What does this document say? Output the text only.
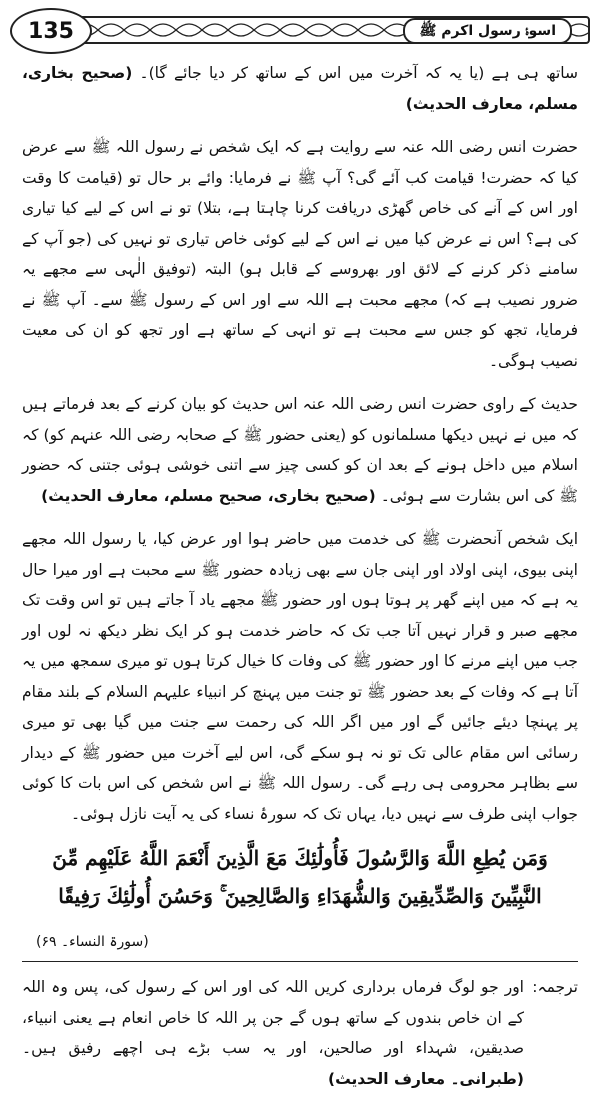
135	اسوۂ رسول اکرم ﷺ

ساتھ ہی ہے (یا یہ کہ آخرت میں اس کے ساتھ کر دیا جائے گا)۔ (صحیح بخاری، مسلم، معارف الحدیث)

حضرت انس رضی اللہ عنہ سے روایت ہے کہ ایک شخص نے رسول اللہ ﷺ سے عرض کیا کہ حضرت! قیامت کب آئے گی؟ آپ ﷺ نے فرمایا: وائے بر حال تو (قیامت کا وقت اور اس کے آنے کی خاص گھڑی دریافت کرنا چاہتا ہے، بتلا) تو نے اس کے لیے کیا تیاری کی ہے؟ اس نے عرض کیا میں نے اس کے لیے کوئی خاص تیاری تو نہیں کی (جو آپ کے سامنے ذکر کرنے کے لائق اور بھروسے کے قابل ہو) البتہ (توفیق الٰہی سے مجھے یہ ضرور نصیب ہے کہ) مجھے محبت ہے اللہ سے اور اس کے رسول ﷺ سے۔ آپ ﷺ نے فرمایا، تجھ کو جس سے محبت ہے تو انہی کے ساتھ ہے اور تجھ کو ان کی معیت نصیب ہوگی۔

حدیث کے راوی حضرت انس رضی اللہ عنہ اس حدیث کو بیان کرنے کے بعد فرماتے ہیں کہ میں نے نہیں دیکھا مسلمانوں کو (یعنی حضور ﷺ کے صحابہ رضی اللہ عنہم کو) کہ اسلام میں داخل ہونے کے بعد ان کو کسی چیز سے اتنی خوشی ہوئی جتنی کہ حضور ﷺ کی اس بشارت سے ہوئی۔ (صحیح بخاری، صحیح مسلم، معارف الحدیث)

ایک شخص آنحضرت ﷺ کی خدمت میں حاضر ہوا اور عرض کیا، یا رسول اللہ مجھے اپنی بیوی، اپنی اولاد اور اپنی جان سے بھی زیادہ حضور ﷺ سے محبت ہے اور میرا حال یہ ہے کہ میں اپنے گھر پر ہوتا ہوں اور حضور ﷺ مجھے یاد آ جاتے ہیں تو اس وقت تک مجھے صبر و قرار نہیں آتا جب تک کہ حاضر خدمت ہو کر ایک نظر دیکھ نہ لوں اور جب میں اپنے مرنے کا اور حضور ﷺ کی وفات کا خیال کرتا ہوں تو میری سمجھ میں یہ آتا ہے کہ وفات کے بعد حضور ﷺ تو جنت میں پہنچ کر انبیاء علیہم السلام کے بلند مقام پر پہنچا دیئے جائیں گے اور میں اگر اللہ کی رحمت سے جنت میں گیا بھی تو میری رسائی اس مقام عالی تک تو نہ ہو سکے گی، اس لیے آخرت میں حضور ﷺ کے دیدار سے بظاہر محرومی ہی رہے گی۔ رسول اللہ ﷺ نے اس شخص کی اس بات کا کوئی جواب اپنی طرف سے نہیں دیا، یہاں تک کہ سورۂ نساء کی یہ آیت نازل ہوئی۔

وَمَن يُطِعِ اللَّهَ وَالرَّسُولَ فَأُولَٰئِكَ مَعَ الَّذِينَ أَنْعَمَ اللَّهُ عَلَيْهِم مِّنَ
النَّبِيِّينَ وَالصِّدِّيقِينَ وَالشُّهَدَاءِ وَالصَّالِحِينَ ۚ وَحَسُنَ أُولَٰئِكَ رَفِيقًا
(سورۃ النساء۔ ۶۹)
ترجمہ:
اور جو لوگ فرماں برداری کریں اللہ کی اور اس کے رسول کی، پس وہ اللہ کے ان خاص بندوں کے ساتھ ہوں گے جن پر اللہ کا خاص انعام ہے یعنی انبیاء، صدیقین، شہداء اور صالحین، اور یہ سب بڑے ہی اچھے رفیق ہیں۔ (طبرانی۔ معارف الحدیث)
